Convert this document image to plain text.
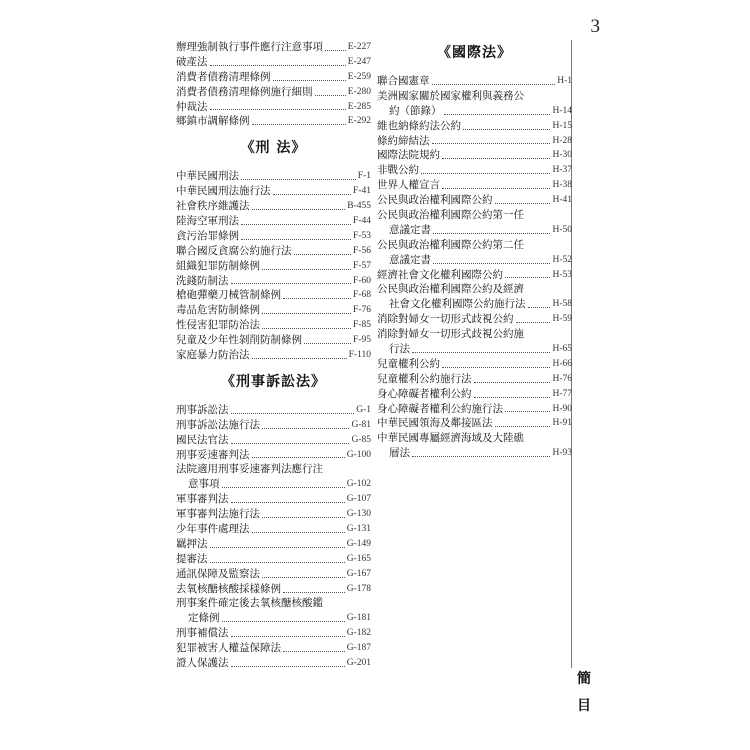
3
簡
目
辦理強制執行事件應行注意事項	E-227
破產法	E-247
消費者債務清理條例	E-259
消費者債務清理條例施行細則	E-280
仲裁法	E-285
鄉鎮市調解條例	E-292
《刑 法》
中華民國刑法	F-1
中華民國刑法施行法	F-41
社會秩序維護法	B-455
陸海空軍刑法	F-44
貪污治罪條例	F-53
聯合國反貪腐公約施行法	F-56
組織犯罪防制條例	F-57
洗錢防制法	F-60
槍砲彈藥刀械管制條例	F-68
毒品危害防制條例	F-76
性侵害犯罪防治法	F-85
兒童及少年性剝削防制條例	F-95
家庭暴力防治法	F-110
《刑事訴訟法》
刑事訴訟法	G-1
刑事訴訟法施行法	G-81
國民法官法	G-85
刑事妥速審判法	G-100
法院適用刑事妥速審判法應行注
意事項	G-102
軍事審判法	G-107
軍事審判法施行法	G-130
少年事件處理法	G-131
羈押法	G-149
提審法	G-165
通訊保障及監察法	G-167
去氧核醣核酸採樣條例	G-178
刑事案件確定後去氧核醣核酸鑑
定條例	G-181
刑事補償法	G-182
犯罪被害人權益保障法	G-187
證人保護法	G-201
《國際法》
聯合國憲章	H-1
美洲國家關於國家權利與義務公
約（節錄）	H-14
維也納條約法公約	H-15
條約締結法	H-28
國際法院規約	H-30
非戰公約	H-37
世界人權宣言	H-38
公民與政治權利國際公約	H-41
公民與政治權利國際公約第一任
意議定書	H-50
公民與政治權利國際公約第二任
意議定書	H-52
經濟社會文化權利國際公約	H-53
公民與政治權利國際公約及經濟
社會文化權利國際公約施行法	H-58
消除對婦女一切形式歧視公約	H-59
消除對婦女一切形式歧視公約施
行法	H-65
兒童權利公約	H-66
兒童權利公約施行法	H-76
身心障礙者權利公約	H-77
身心障礙者權利公約施行法	H-90
中華民國領海及鄰接區法	H-91
中華民國專屬經濟海域及大陸礁
層法	H-93
